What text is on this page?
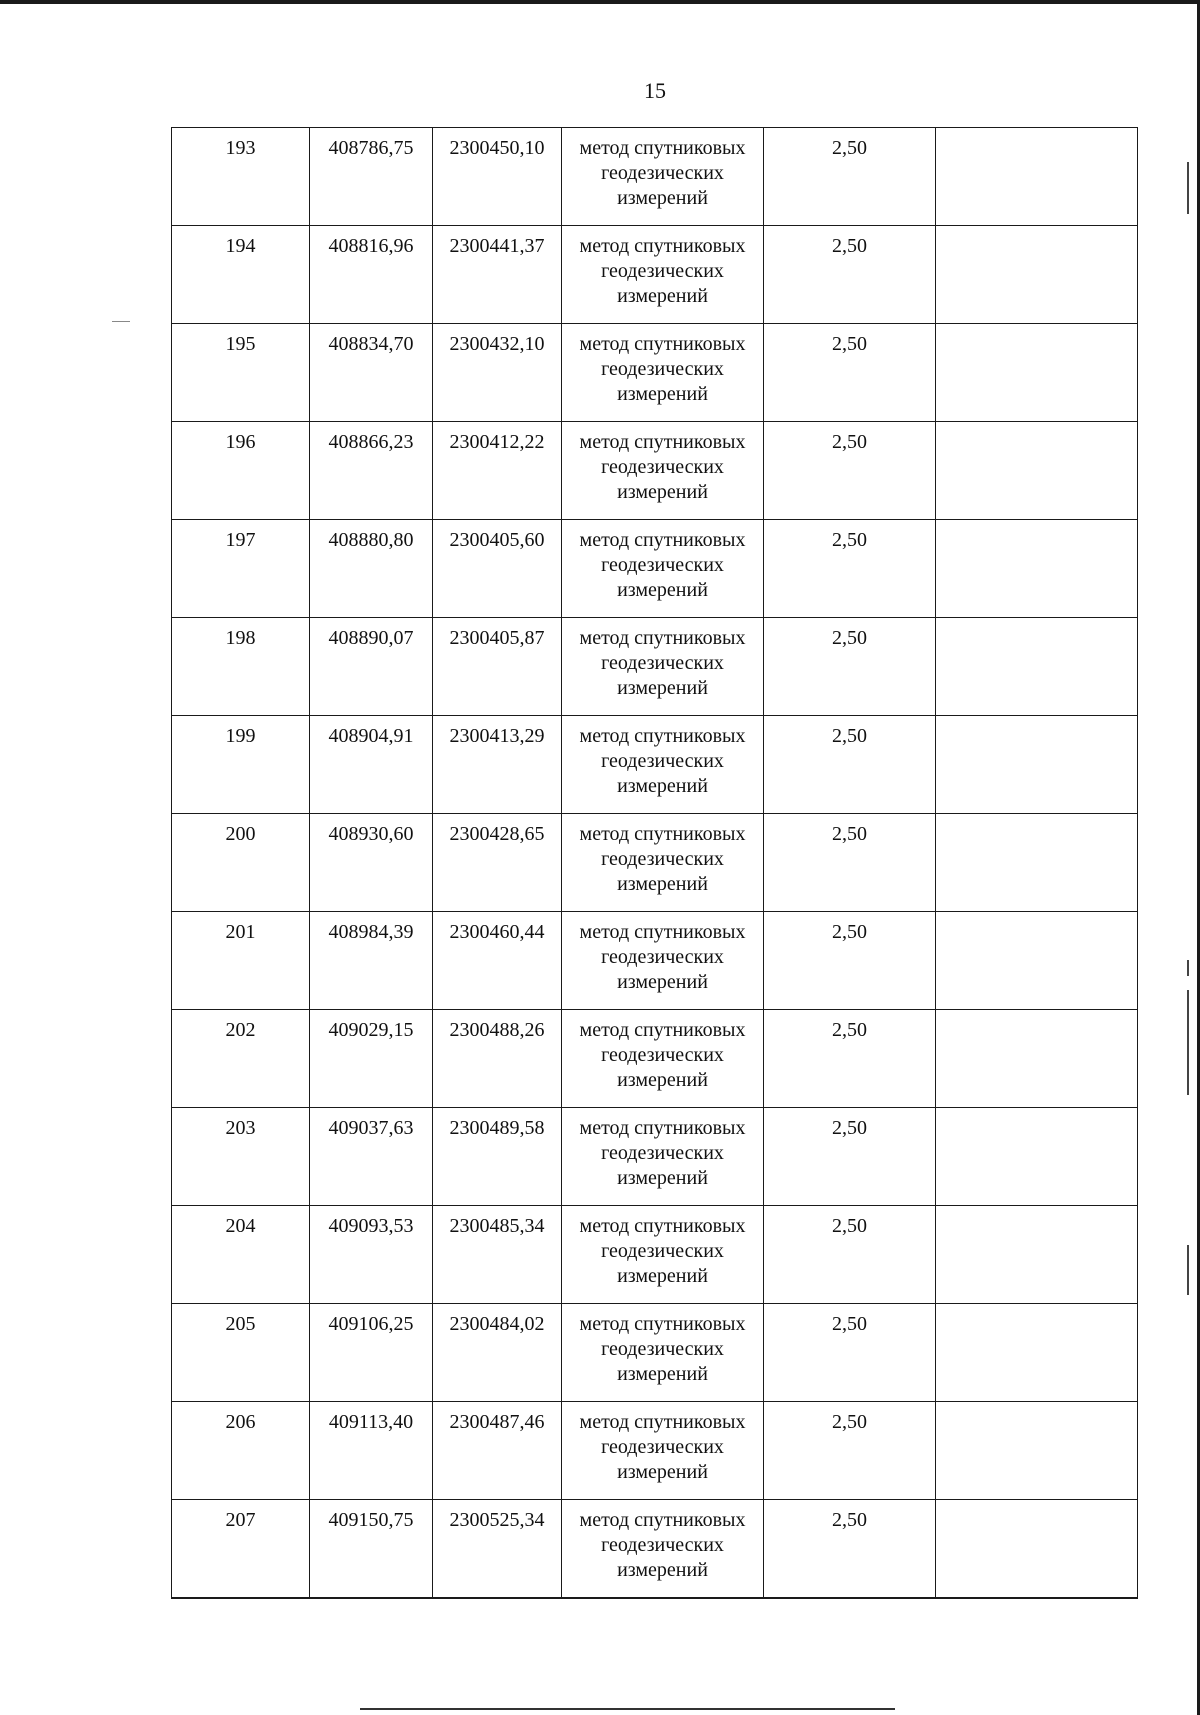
15
193	408786,75	2300450,10	метод спутниковых
геодезических
измерений	2,50	
194	408816,96	2300441,37	метод спутниковых
геодезических
измерений	2,50	
195	408834,70	2300432,10	метод спутниковых
геодезических
измерений	2,50	
196	408866,23	2300412,22	метод спутниковых
геодезических
измерений	2,50	
197	408880,80	2300405,60	метод спутниковых
геодезических
измерений	2,50	
198	408890,07	2300405,87	метод спутниковых
геодезических
измерений	2,50	
199	408904,91	2300413,29	метод спутниковых
геодезических
измерений	2,50	
200	408930,60	2300428,65	метод спутниковых
геодезических
измерений	2,50	
201	408984,39	2300460,44	метод спутниковых
геодезических
измерений	2,50	
202	409029,15	2300488,26	метод спутниковых
геодезических
измерений	2,50	
203	409037,63	2300489,58	метод спутниковых
геодезических
измерений	2,50	
204	409093,53	2300485,34	метод спутниковых
геодезических
измерений	2,50	
205	409106,25	2300484,02	метод спутниковых
геодезических
измерений	2,50	
206	409113,40	2300487,46	метод спутниковых
геодезических
измерений	2,50	
207	409150,75	2300525,34	метод спутниковых
геодезических
измерений	2,50	
